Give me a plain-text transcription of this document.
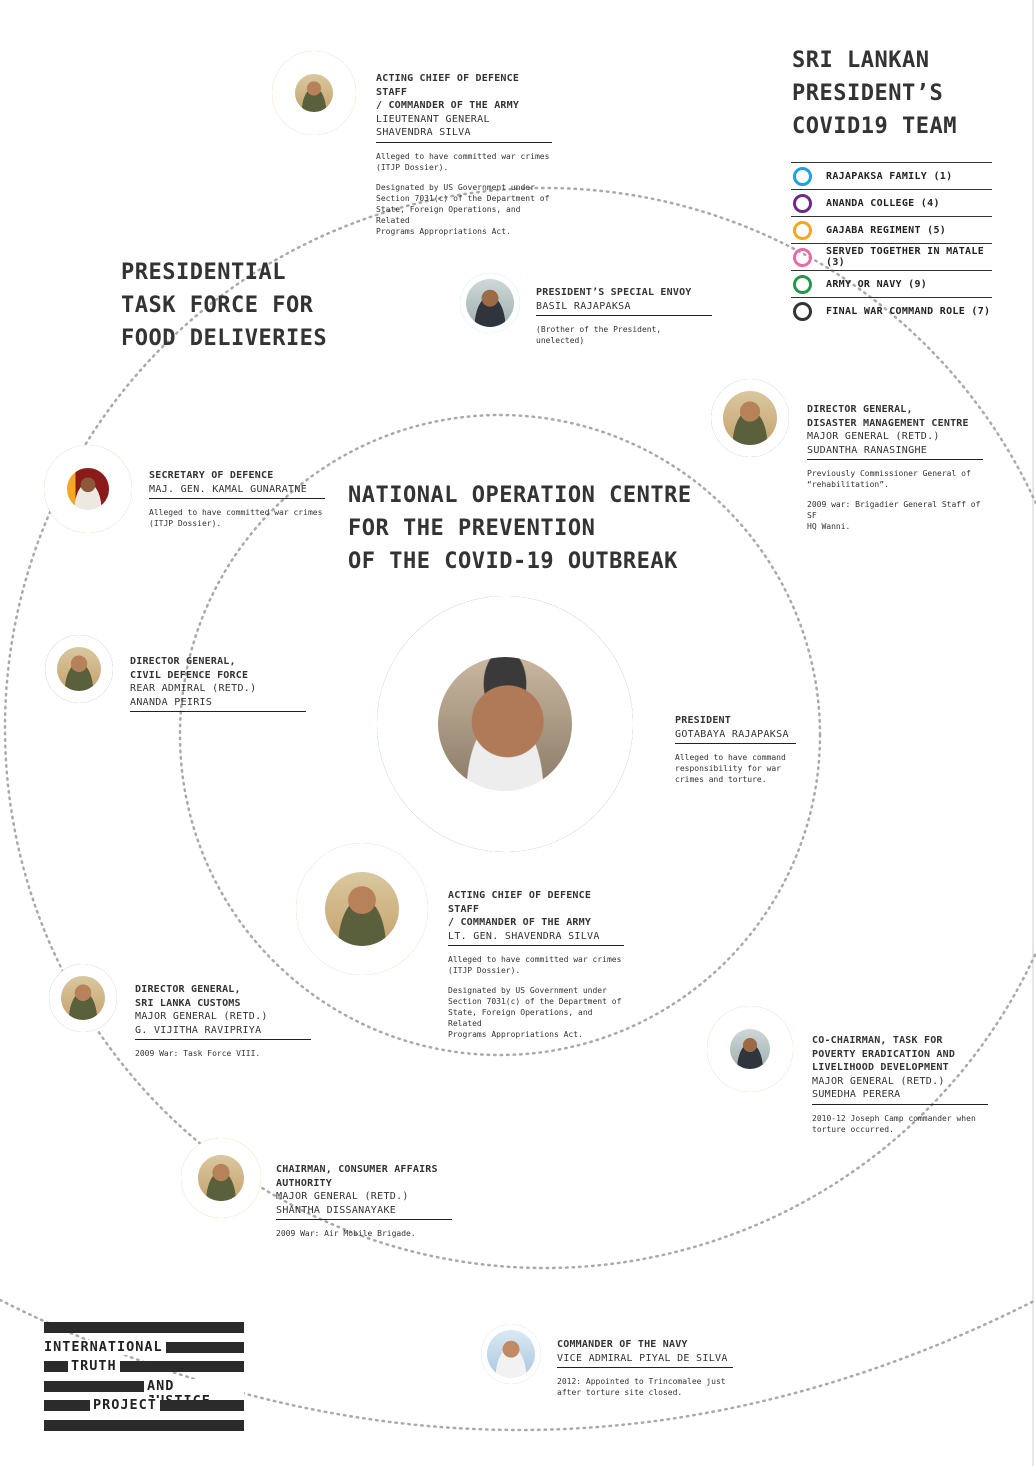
SRI LANKAN
PRESIDENT’S
COVID19 TEAM
RAJAPAKSA FAMILY (1)
ANANDA COLLEGE (4)
GAJABA REGIMENT (5)
SERVED TOGETHER IN MATALE (3)
ARMY OR NAVY (9)
FINAL WAR COMMAND ROLE (7)
PRESIDENTIAL
TASK FORCE FOR
FOOD DELIVERIES
NATIONAL OPERATION CENTRE
FOR THE PREVENTION
OF THE COVID-19 OUTBREAK
ACTING CHIEF OF DEFENCE STAFF
/ COMMANDER OF THE ARMY
LIEUTENANT GENERAL
SHAVENDRA SILVA
Alleged to have committed war crimes
(ITJP Dossier).
Designated by US Government under
Section 7031(c) of the Department of
State, Foreign Operations, and Related
Programs Appropriations Act.
PRESIDENT’S SPECIAL ENVOY
BASIL RAJAPAKSA
(Brother of the President, unelected)
DIRECTOR GENERAL,
DISASTER MANAGEMENT CENTRE
MAJOR GENERAL (RETD.)
SUDANTHA RANASINGHE
Previously Commissioner General of
“rehabilitation”.
2009 war: Brigadier General Staff of SF
HQ Wanni.
SECRETARY OF DEFENCE
MAJ. GEN. KAMAL GUNARATNE
Alleged to have committed war crimes
(ITJP Dossier).
DIRECTOR GENERAL,
CIVIL DEFENCE FORCE
REAR ADMIRAL (RETD.)
ANANDA PEIRIS
PRESIDENT
GOTABAYA RAJAPAKSA
Alleged to have command
responsibility for war
crimes and torture.
ACTING CHIEF OF DEFENCE STAFF
/ COMMANDER OF THE ARMY
LT. GEN. SHAVENDRA SILVA
Alleged to have committed war crimes
(ITJP Dossier).
Designated by US Government under
Section 7031(c) of the Department of
State, Foreign Operations, and Related
Programs Appropriations Act.
DIRECTOR GENERAL,
SRI LANKA CUSTOMS
MAJOR GENERAL (RETD.)
G. VIJITHA RAVIPRIYA
2009 War: Task Force VIII.
CO-CHAIRMAN, TASK FOR
POVERTY ERADICATION AND
LIVELIHOOD DEVELOPMENT
MAJOR GENERAL (RETD.)
SUMEDHA PERERA
2010-12 Joseph Camp commander when
torture occurred.
CHAIRMAN, CONSUMER AFFAIRS
AUTHORITY
MAJOR GENERAL (RETD.)
SHANTHA DISSANAYAKE
2009 War: Air Mobile Brigade.
COMMANDER OF THE NAVY
VICE ADMIRAL PIYAL DE SILVA
2012: Appointed to Trincomalee just
after torture site closed.
INTERNATIONAL
TRUTH
AND
PROJECT
